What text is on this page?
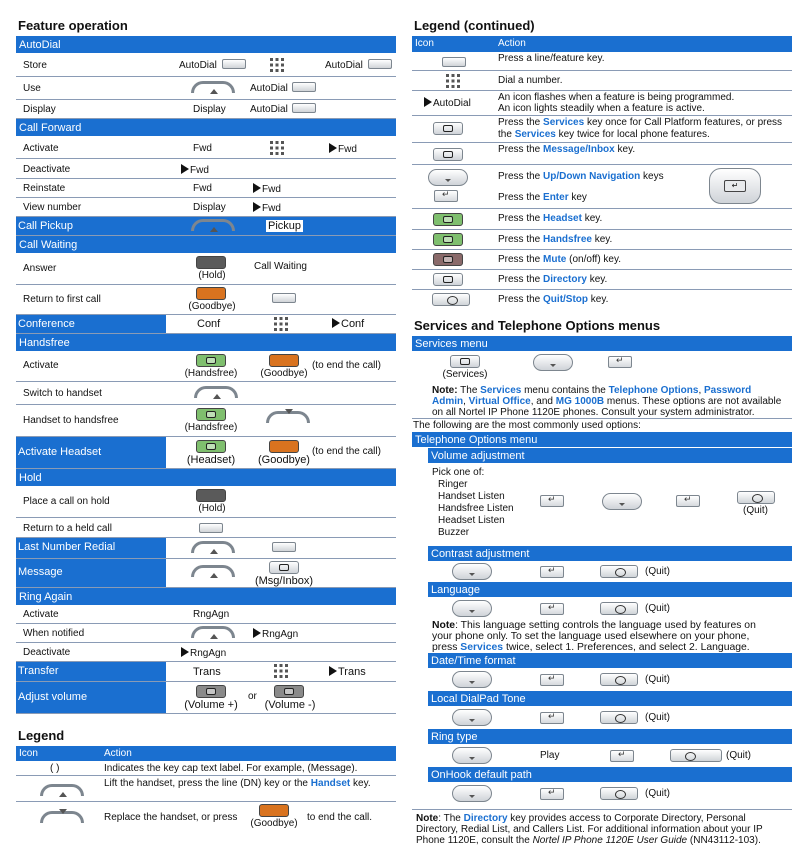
Feature operation
AutoDial
Store	AutoDial	AutoDial
Use	AutoDial
Display	Display AutoDial
Call Forward
Activate	Fwd	Fwd
Deactivate	Fwd
Reinstate	Fwd	Fwd
View number	Display	Fwd
Call Pickup	Pickup
Call Waiting
Answer
(Hold)
Call Waiting
Return to first call
(Goodbye)
Conference	Conf	Conf
Handsfree
Activate
(Handsfree)	(Goodbye)
(to end the call)
Switch to handset
Handset to handsfree
(Handsfree)
Activate Headset
(Headset) (Goodbye)
(to end the call)
Hold
Place a call on hold
(Hold)
Return to a held call
Last Number Redial
Message
(Msg/Inbox)
Ring Again
Activate	RngAgn
When notified	RngAgn
Deactivate	RngAgn
Transfer	Trans	Trans
Adjust volume
(Volume +)
or
(Volume -)
Legend
Icon	Action
( )	Indicates the key cap text label. For example, (Message).
Lift the handset, press the line (DN) key or the Handset key.
Replace the handset, or press
(Goodbye)
to end the call.
Legend (continued)
Icon	Action
Press a line/feature key.
Dial a number.
AutoDial
An icon flashes when a feature is being programmed.
An icon lights steadily when a feature is active.
Press the Services key once for Call Platform features, or press
the Services key twice for local phone features.
Press the Message/Inbox key.
↵
Press the Up/Down Navigation keys
Press the Enter key
↵
Press the Headset key.
Press the Handsfree key.
Press the Mute (on/off) key.
Press the Directory key.
Press the Quit/Stop key.
Services and Telephone Options menus
Services menu
(Services)
↵
Note: The Services menu contains the Telephone Options, Password
Admin, Virtual Office, and MG 1000B menus. These options are not available
on all Nortel IP Phone 1120E phones. Consult your system administrator.
The following are the most commonly used options:
Telephone Options menu
Volume adjustment
Pick one of:
Ringer
Handset Listen
Handsfree Listen
Headset Listen
Buzzer
↵
↵
(Quit)
Contrast adjustment
↵
(Quit)
Language
↵
(Quit)
Note: This language setting controls the language used by features on
your phone only. To set the language used elsewhere on your phone,
press Services twice, select 1. Preferences, and select 2. Language.
Date/Time format
↵
(Quit)
Local DialPad Tone
↵
(Quit)
Ring type
Play
↵	(Quit)
OnHook default path
↵
(Quit)
Note: The Directory key provides access to Corporate Directory, Personal
Directory, Redial List, and Callers List. For additional information about your IP
Phone 1120E, consult the Nortel IP Phone 1120E User Guide (NN43112-103).
